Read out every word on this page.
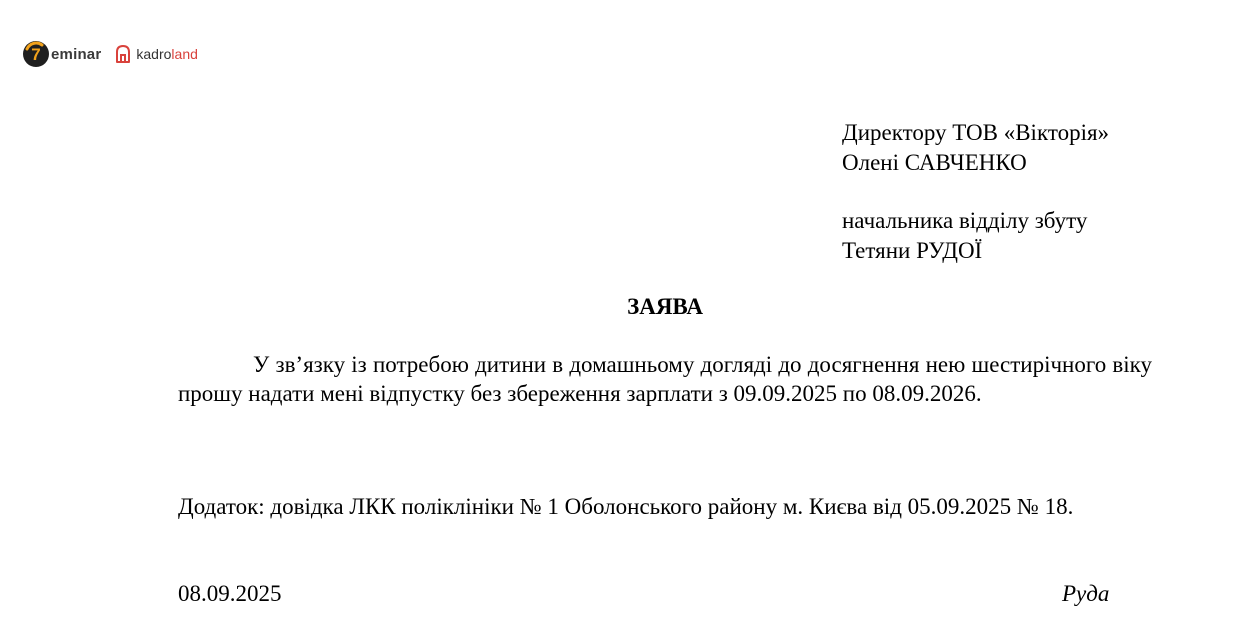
7 eminar	kadroland
Директору ТОВ «Вікторія»
Олені САВЧЕНКО
начальника відділу збуту
Тетяни РУДОЇ
ЗАЯВА

У зв’язку із потребою дитини в домашньому догляді до досягнення нею шестирічного віку прошу надати мені відпустку без збереження зарплати з 09.09.2025 по 08.09.2026.

Додаток: довідка ЛКК поліклініки № 1 Оболонського району м. Києва від 05.09.2025 № 18.
08.09.2025	Руда
